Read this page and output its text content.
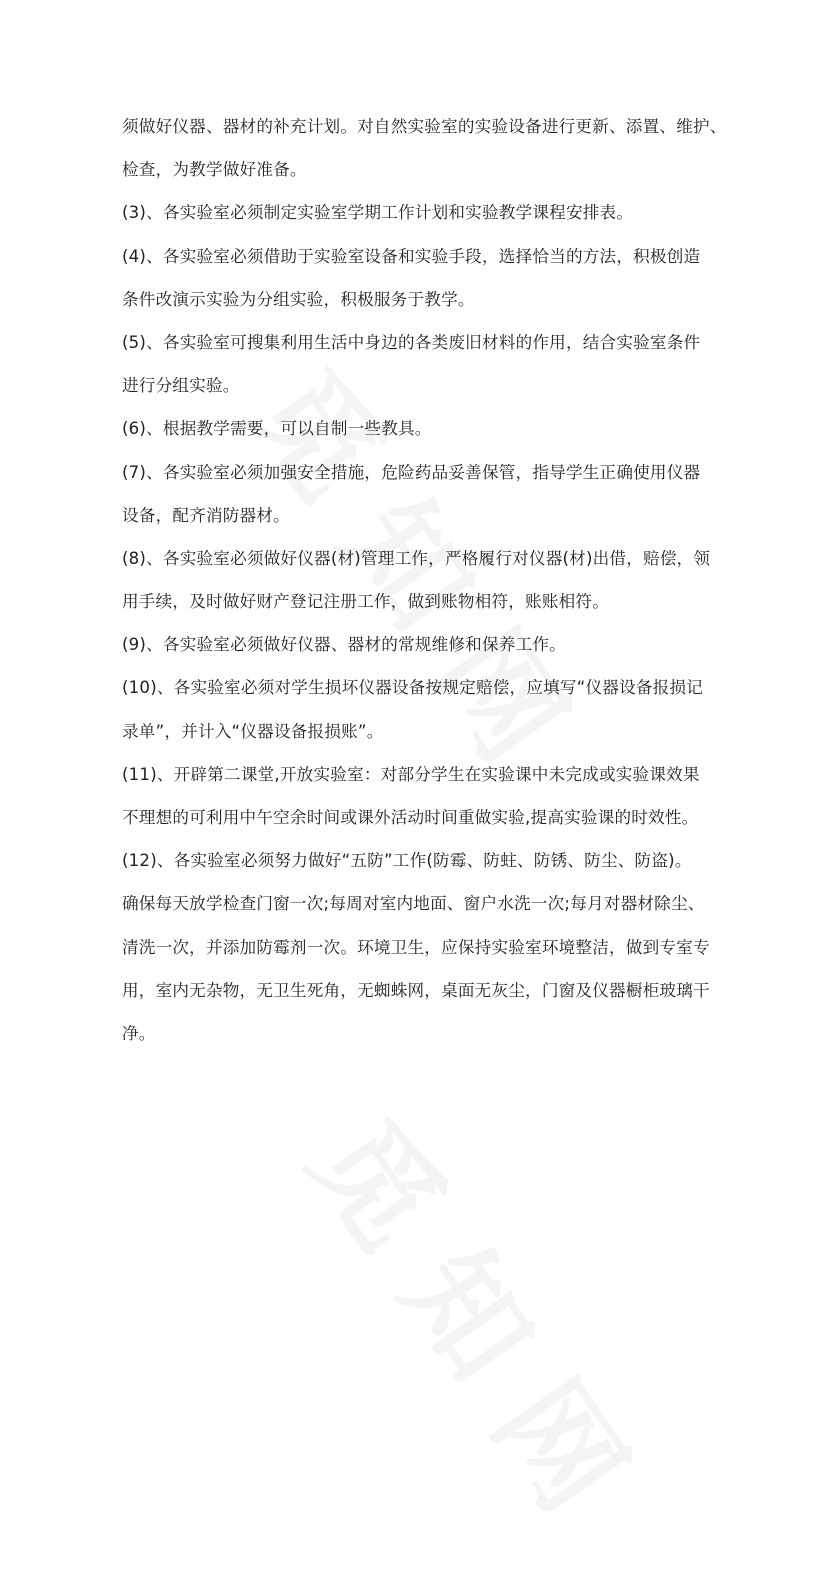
须做好仪器、器材的补充计划。对自然实验室的实验设备进行更新、添置、维护、
检查，为教学做好准备。
(3)、各实验室必须制定实验室学期工作计划和实验教学课程安排表。
(4)、各实验室必须借助于实验室设备和实验手段，选择恰当的方法，积极创造
条件改演示实验为分组实验，积极服务于教学。
(5)、各实验室可搜集利用生活中身边的各类废旧材料的作用，结合实验室条件
进行分组实验。
(6)、根据教学需要，可以自制一些教具。
(7)、各实验室必须加强安全措施，危险药品妥善保管，指导学生正确使用仪器
设备，配齐消防器材。
(8)、各实验室必须做好仪器(材)管理工作，严格履行对仪器(材)出借，赔偿，领
用手续，及时做好财产登记注册工作，做到账物相符，账账相符。
(9)、各实验室必须做好仪器、器材的常规维修和保养工作。
(10)、各实验室必须对学生损坏仪器设备按规定赔偿，应填写“仪器设备报损记
录单”，并计入“仪器设备报损账”。
(11)、开辟第二课堂,开放实验室：对部分学生在实验课中未完成或实验课效果
不理想的可利用中午空余时间或课外活动时间重做实验,提高实验课的时效性。
(12)、各实验室必须努力做好“五防”工作(防霉、防蛀、防锈、防尘、防盗)。
确保每天放学检查门窗一次;每周对室内地面、窗户水洗一次;每月对器材除尘、
清洗一次，并添加防霉剂一次。环境卫生，应保持实验室环境整洁，做到专室专
用，室内无杂物，无卫生死角，无蜘蛛网，桌面无灰尘，门窗及仪器橱柜玻璃干
净。
